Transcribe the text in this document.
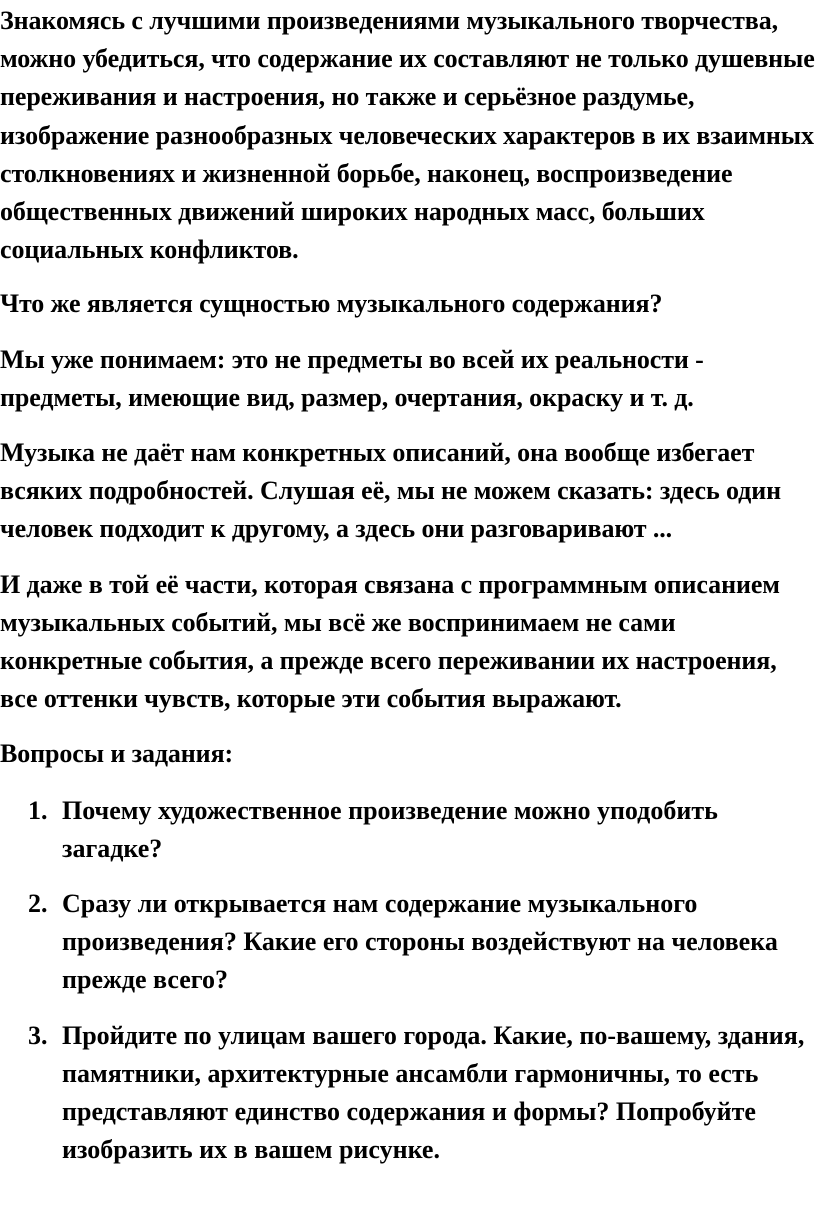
Знакомясь с лучшими произведениями музыкального творчества, можно убедиться, что содержание их составляют не только душевные переживания и настроения, но также и серьёзное раздумье, изображение разнообразных человеческих характеров в их взаимных столкновениях и жизненной борьбе, наконец, воспроизведение общественных движений широких народных масс, больших социальных конфликтов.

Что же является сущностью музыкального содержания?

Мы уже понимаем: это не предметы во всей их реальности - предметы, имеющие вид, размер, очертания, окраску и т. д.

Музыка не даёт нам конкретных описаний, она вообще избегает всяких подробностей. Слушая её, мы не можем сказать: здесь один человек подходит к другому, а здесь они разговаривают ...

И даже в той её части, которая связана с программным описанием музыкальных событий, мы всё же воспринимаем не сами конкретные события, а прежде всего переживании их настроения, все оттенки чувств, которые эти события выражают.

Вопросы и задания:

1. Почему художественное произведение можно уподобить загадке?
2. Сразу ли открывается нам содержание музыкального произведения? Какие его стороны воздействуют на человека прежде всего?
3. Пройдите по улицам вашего города. Какие, по-вашему, здания, памятники, архитектурные ансамбли гармоничны, то есть представляют единство содержания и формы? Попробуйте изобразить их в вашем рисунке.
